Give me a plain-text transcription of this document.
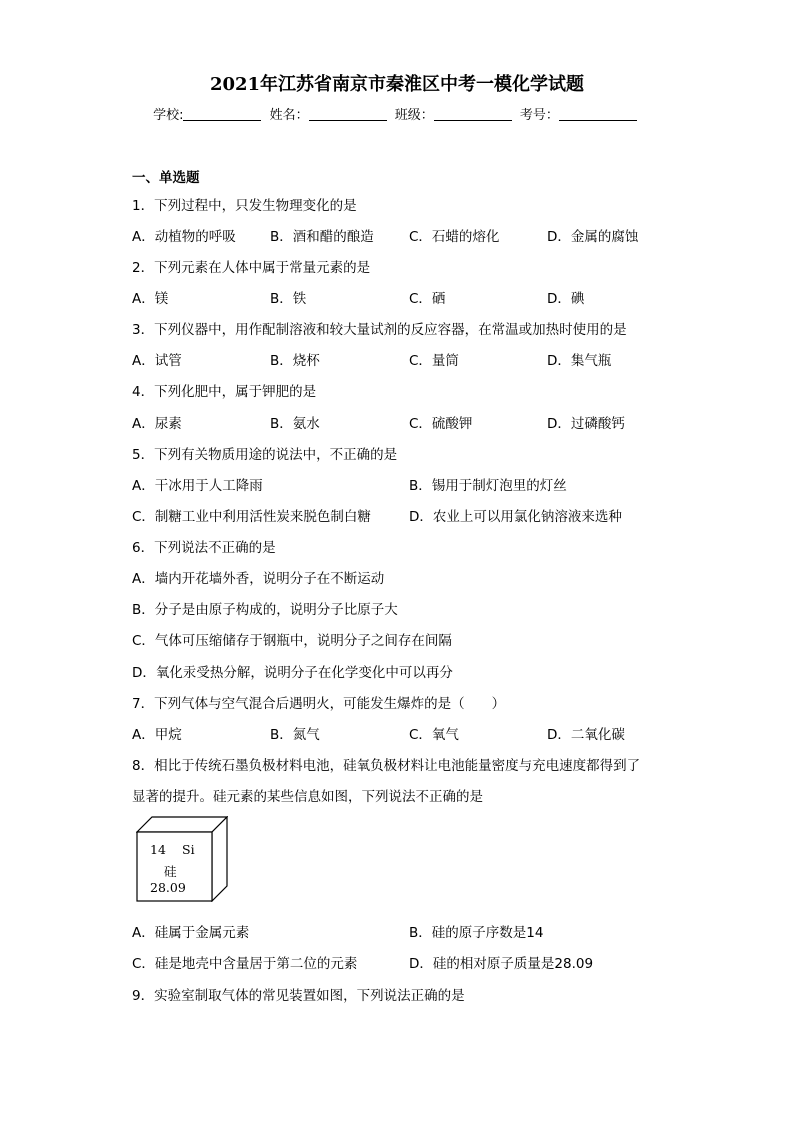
2021年江苏省南京市秦淮区中考一模化学试题
学校:	姓名：	班级：	考号：
一、单选题
1．下列过程中，只发生物理变化的是
A．动植物的呼吸	B．酒和醋的酿造	C．石蜡的熔化	D．金属的腐蚀
2．下列元素在人体中属于常量元素的是
A．镁	B．铁	C．硒	D．碘
3．下列仪器中，用作配制溶液和较大量试剂的反应容器，在常温或加热时使用的是
A．试管	B．烧杯	C．量筒	D．集气瓶
4．下列化肥中，属于钾肥的是
A．尿素	B．氨水	C．硫酸钾	D．过磷酸钙
5．下列有关物质用途的说法中，不正确的是
A．干冰用于人工降雨	B．锡用于制灯泡里的灯丝
C．制糖工业中利用活性炭来脱色制白糖	D．农业上可以用氯化钠溶液来选种
6．下列说法不正确的是
A．墙内开花墙外香，说明分子在不断运动
B．分子是由原子构成的，说明分子比原子大
C．气体可压缩储存于钢瓶中，说明分子之间存在间隔
D．氧化汞受热分解，说明分子在化学变化中可以再分
7．下列气体与空气混合后遇明火，可能发生爆炸的是（　　）
A．甲烷	B．氮气	C．氧气	D．二氧化碳
8．相比于传统石墨负极材料电池，硅氧负极材料让电池能量密度与充电速度都得到了
显著的提升。硅元素的某些信息如图，下列说法不正确的是
14 Si
硅
28.09
A．硅属于金属元素	B．硅的原子序数是14
C．硅是地壳中含量居于第二位的元素	D．硅的相对原子质量是28.09
9．实验室制取气体的常见装置如图，下列说法正确的是
